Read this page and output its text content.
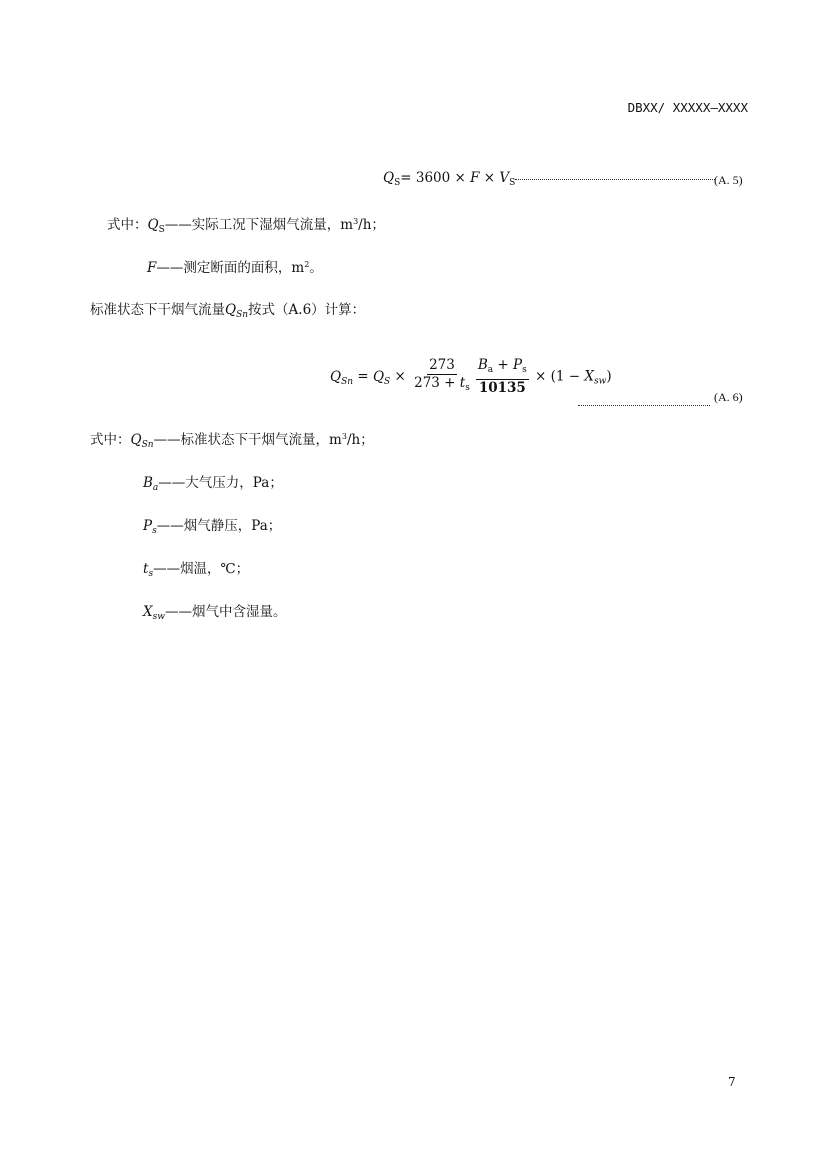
DBXX/ XXXXX—XXXX
$Q_S= 3600 \times F \times V_S$	(A. 5)
式中：$Q_S——$实际工况下湿烟气流量，$m^3/h$；
F——测定断面的面积，$m^2$。
标准状态下干烟气流量$Q_{Sn}$按式（A.6）计算：
$Q_{Sn} = Q_S \times \frac{273}{273 + t_s} \frac{B_a + P_s}{10135} \times (1 - X_{sw})$
(A. 6)
式中：$Q_{Sn}——$标准状态下干烟气流量，$m^3/h$；
$B_a——$大气压力，Pa；
$P_s——$烟气静压，Pa；
$t_s——$烟温，℃；
$X_{sw}——$烟气中含湿量。
7
